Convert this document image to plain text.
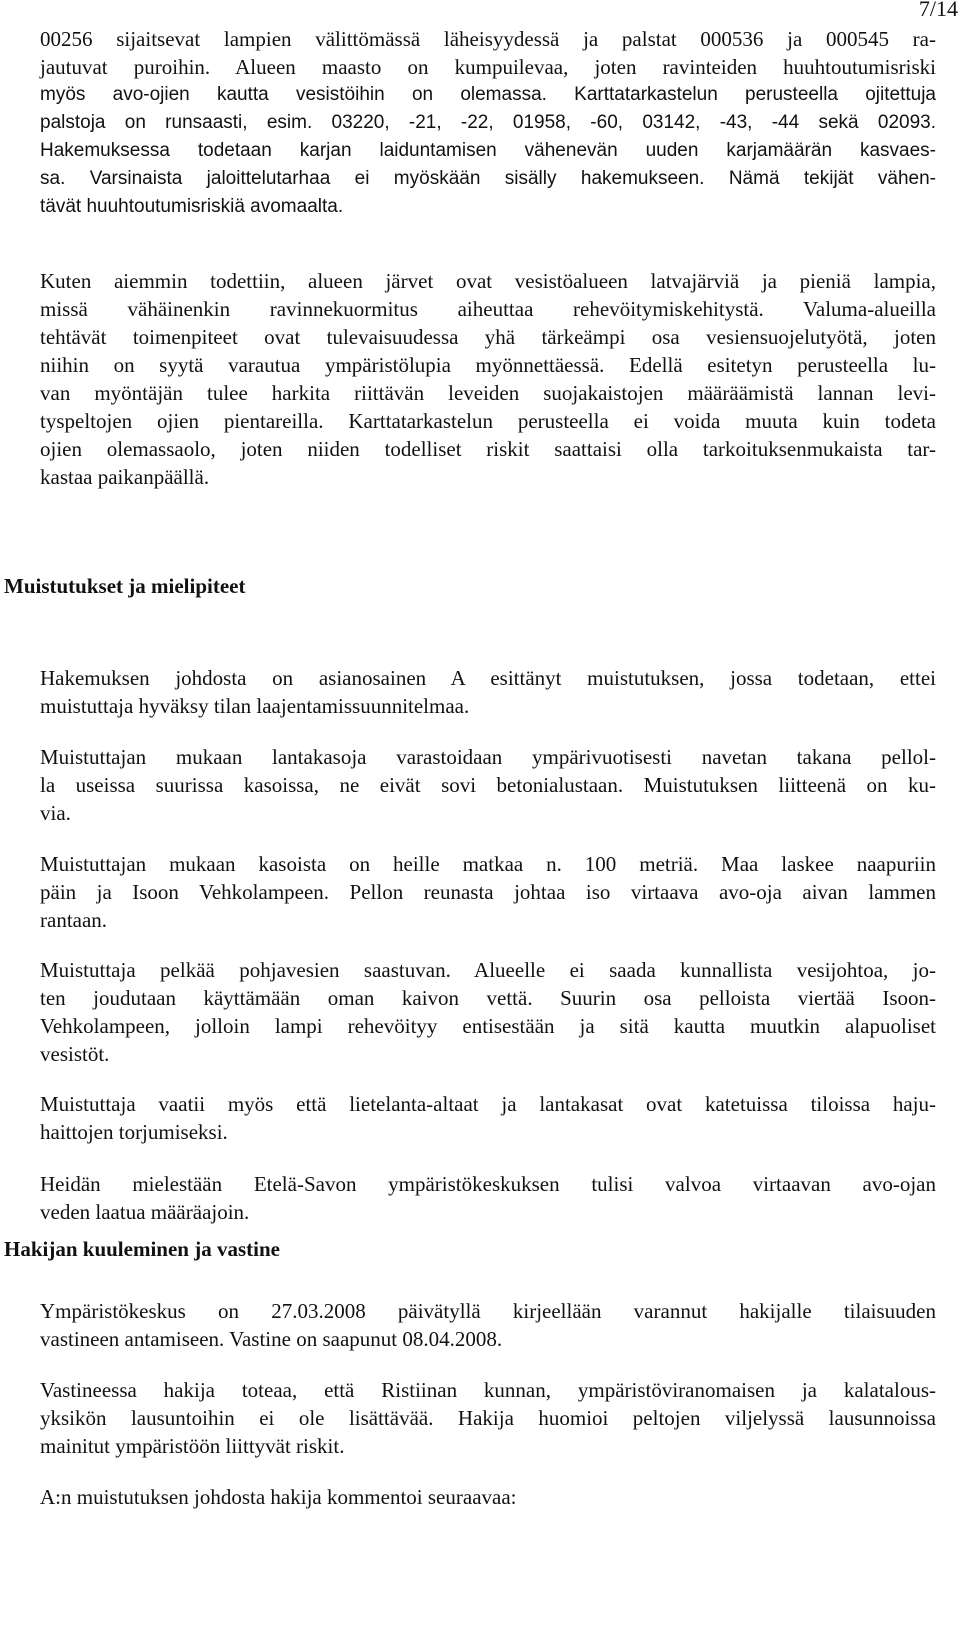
7/14
00256 sijaitsevat lampien välittömässä läheisyydessä ja palstat 000536 ja 000545 ra-
jautuvat puroihin. Alueen maasto on kumpuilevaa, joten ravinteiden huuhtoutumisriski
myös avo-ojien kautta vesistöihin on olemassa. Karttatarkastelun perusteella ojitettuja
palstoja on runsaasti, esim. 03220, -21, -22, 01958, -60, 03142, -43, -44 sekä 02093.
Hakemuksessa todetaan karjan laiduntamisen vähenevän uuden karjamäärän kasvaes-
sa. Varsinaista jaloittelutarhaa ei myöskään sisälly hakemukseen. Nämä tekijät vähen-
tävät huuhtoutumisriskiä avomaalta.
Kuten aiemmin todettiin, alueen järvet ovat vesistöalueen latvajärviä ja pieniä lampia,
missä vähäinenkin ravinnekuormitus aiheuttaa rehevöitymiskehitystä. Valuma-alueilla
tehtävät toimenpiteet ovat tulevaisuudessa yhä tärkeämpi osa vesiensuojelutyötä, joten
niihin on syytä varautua ympäristölupia myönnettäessä. Edellä esitetyn perusteella lu-
van myöntäjän tulee harkita riittävän leveiden suojakaistojen määräämistä lannan levi-
tyspeltojen ojien pientareilla. Karttatarkastelun perusteella ei voida muuta kuin todeta
ojien olemassaolo, joten niiden todelliset riskit saattaisi olla tarkoituksenmukaista tar-
kastaa paikanpäällä.
Muistutukset ja mielipiteet
Hakemuksen johdosta on asianosainen A esittänyt muistutuksen, jossa todetaan, ettei
muistuttaja hyväksy tilan laajentamissuunnitelmaa.
Muistuttajan mukaan lantakasoja varastoidaan ympärivuotisesti navetan takana pellol-
la useissa suurissa kasoissa, ne eivät sovi betonialustaan. Muistutuksen liitteenä on ku-
via.
Muistuttajan mukaan kasoista on heille matkaa n. 100 metriä. Maa laskee naapuriin
päin ja Isoon Vehkolampeen. Pellon reunasta johtaa iso virtaava avo-oja aivan lammen
rantaan.
Muistuttaja pelkää pohjavesien saastuvan. Alueelle ei saada kunnallista vesijohtoa, jo-
ten joudutaan käyttämään oman kaivon vettä. Suurin osa pelloista viertää Isoon-
Vehkolampeen, jolloin lampi rehevöityy entisestään ja sitä kautta muutkin alapuoliset
vesistöt.
Muistuttaja vaatii myös että lietelanta-altaat ja lantakasat ovat katetuissa tiloissa haju-
haittojen torjumiseksi.
Heidän mielestään Etelä-Savon ympäristökeskuksen tulisi valvoa virtaavan avo-ojan
veden laatua määräajoin.
Hakijan kuuleminen ja vastine
Ympäristökeskus on 27.03.2008 päivätyllä kirjeellään varannut hakijalle tilaisuuden
vastineen antamiseen. Vastine on saapunut 08.04.2008.
Vastineessa hakija toteaa, että Ristiinan kunnan, ympäristöviranomaisen ja kalatalous-
yksikön lausuntoihin ei ole lisättävää. Hakija huomioi peltojen viljelyssä lausunnoissa
mainitut ympäristöön liittyvät riskit.
A:n muistutuksen johdosta hakija kommentoi seuraavaa:
